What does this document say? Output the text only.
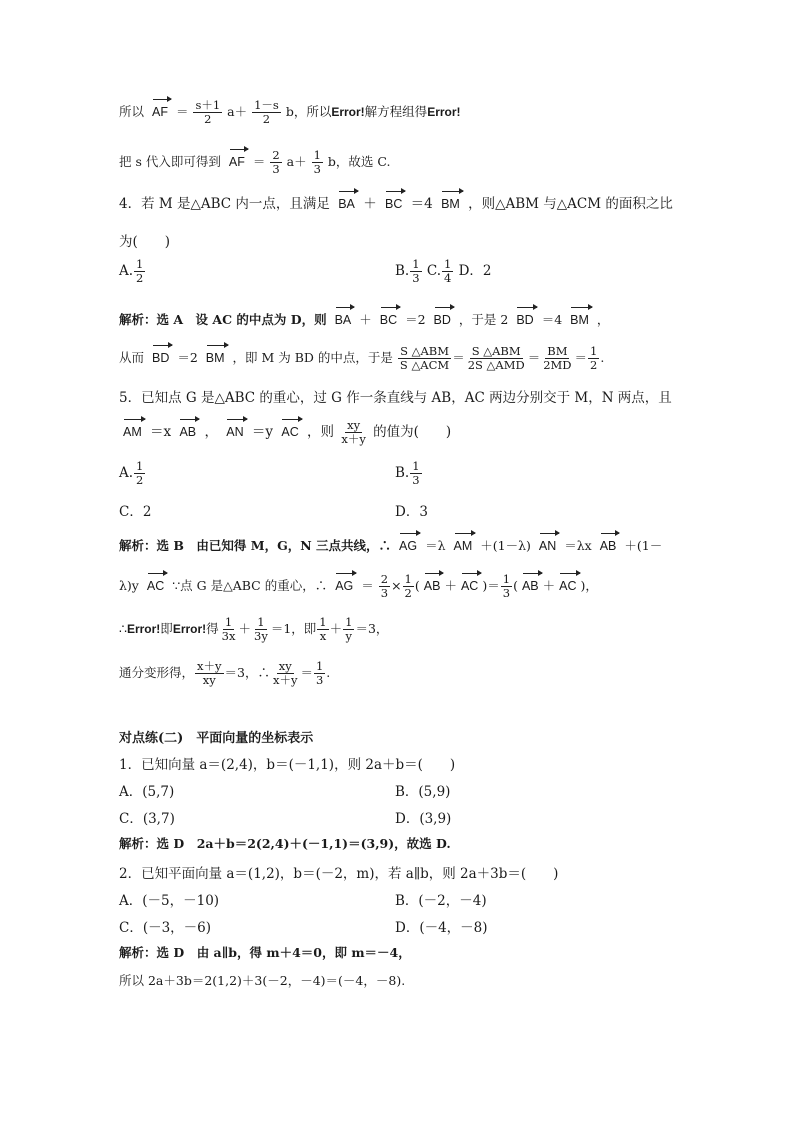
所以 AF ＝ $\frac{s+1}{2} a+ \frac{1-s}{2}$ b，所以Error!解方程组得Error!
把 s 代入即可得到 AF ＝ $\frac{2}{3} a+ \frac{1}{3}$ b，故选 C.
4．若 M 是△ABC 内一点，且满足 BA ＋ BC ＝4 BM ，则△ABM 与△ACM 的面积之比
为(　　)
A. $\frac{1}{2}$	B. $\frac{1}{3} C$. $\frac{1}{4}$ D．2
解析：选 A　设 AC 的中点为 D，则 BA ＋ BC ＝2 BD ，于是 2 BD ＝4 BM ，
从而 BD ＝2 BM ，即 M 为 BD 的中点，于是 $\frac{\text{S △ABM}}{\text{S △ACM}} = \frac{\text{S △ABM}}{\text{2S △AMD}} = \frac{BM}{2MD} = \frac{1}{2}$ .
5．已知点 G 是△ABC 的重心，过 G 作一条直线与 AB，AC 两边分别交于 M，N 两点，且
AM ＝x AB ， AN ＝y AC ，则 $\frac{xy}{x+y}$ 的值为(　　)
A. $\frac{1}{2}$	B. $\frac{1}{3}$
C．2	D．3
解析：选 B　由已知得 M，G，N 三点共线，∴ AG ＝λ AM ＋(1－λ) AN ＝λx AB ＋(1－
λ)y AC ∵点 G 是△ABC 的重心，∴ AG ＝ $\frac{2}{3} \times \frac{1}{2}$ ( AB ＋ AC )＝ $\frac{1}{3}$ ( AB ＋ AC )，
∴Error!即Error!得 $\frac{1}{3x} + \frac{1}{3y} =1$，即 $\frac{1}{x} + \frac{1}{y} =3$，
通分变形得， $\frac{x+y}{xy} =3$，∴ $\frac{xy}{x+y} = \frac{1}{3}$ .
对点练(二)　平面向量的坐标表示
1．已知向量 a＝(2,4)，b＝(－1,1)，则 2a＋b＝(　　)
A．(5,7)	B．(5,9)
C．(3,7)	D．(3,9)
解析：选 D　2a＋b＝2(2,4)＋(－1,1)＝(3,9)，故选 D.
2．已知平面向量 a＝(1,2)，b＝(－2，m)，若 a∥b，则 2a＋3b＝(　　)
A．(－5，－10)	B．(－2，－4)
C．(－3，－6)	D．(－4，－8)
解析：选 D　由 a∥b，得 m＋4＝0，即 m＝－4，
所以 2a＋3b＝2(1,2)＋3(－2，－4)＝(－4，－8).
